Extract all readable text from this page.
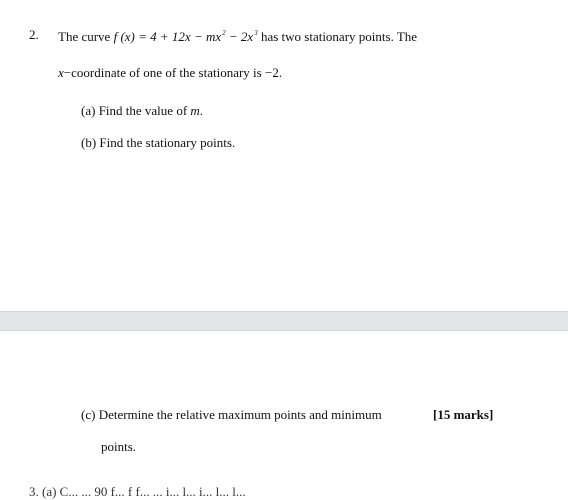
2. The curve f $(x) = 4 + 12x - mx^2 - 2x^3$ has two stationary points. The
x−coordinate of one of the stationary is −2.
(a) Find the value of m.
(b) Find the stationary points.
(c) Determine the relative maximum points and minimum
points.
[15 marks]
3. (a) C... ... 90 f... f f... ... i... l... i... l... l...
